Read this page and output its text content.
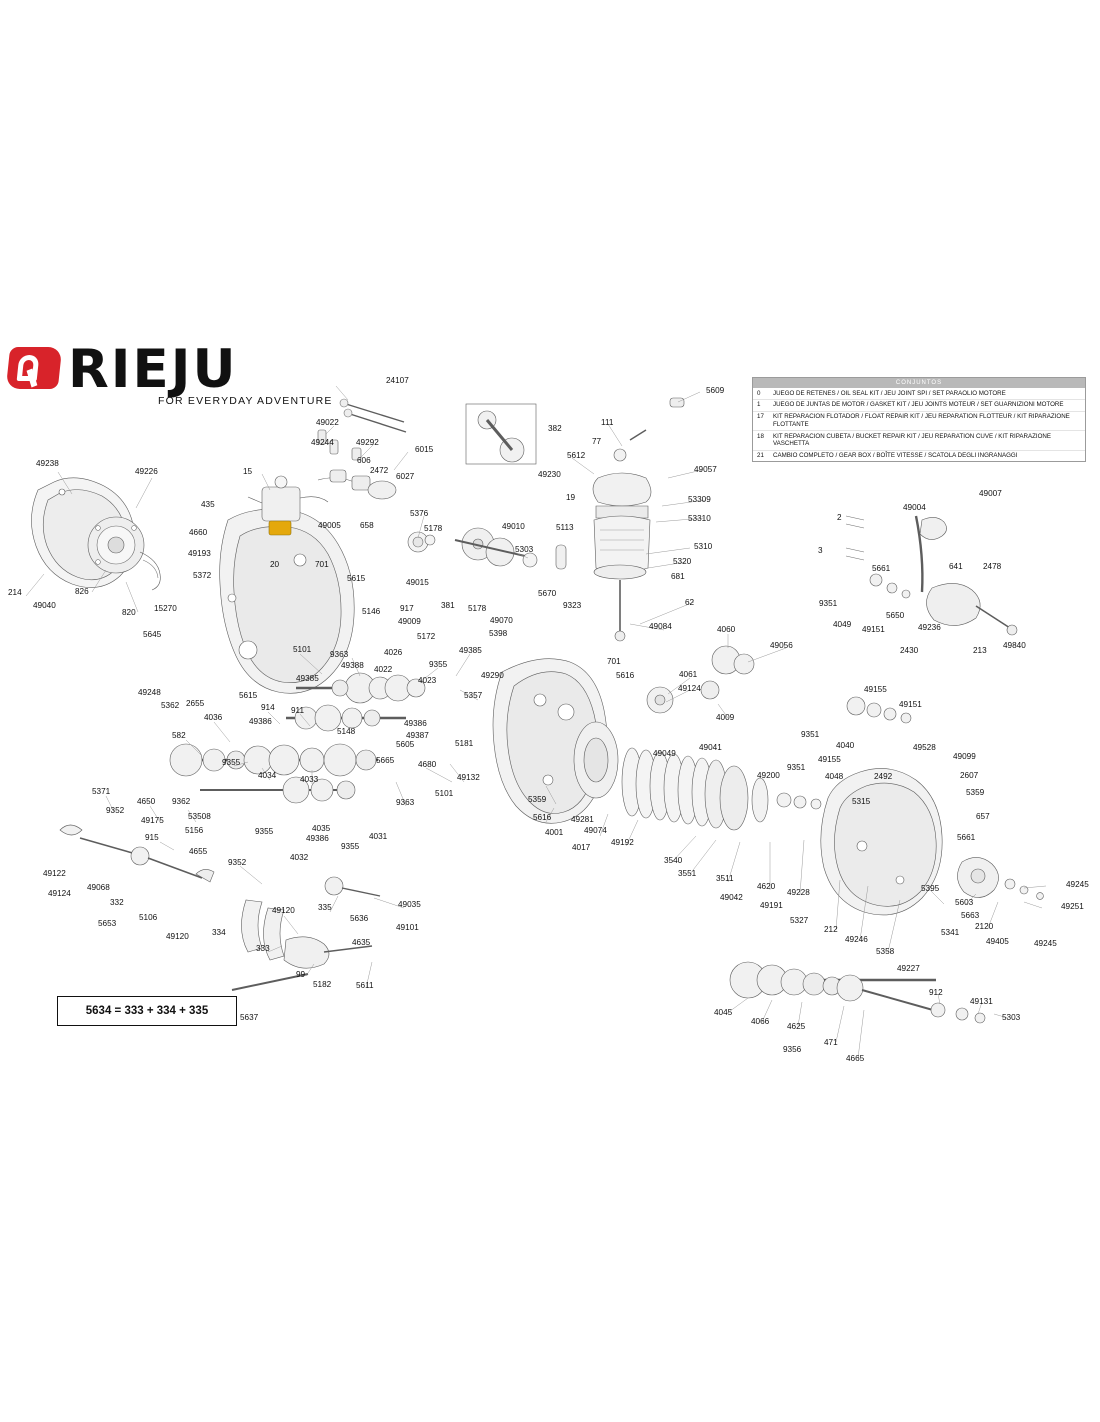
RIEJU
FOR EVERYDAY ADVENTURE
CONJUNTOS
0	JUEGO DE RETENES / OIL SEAL KIT / JEU JOINT SPI / SET PARAOLIO MOTORE
1	JUEGO DE JUNTAS DE MOTOR / GASKET KIT / JEU JOINTS MOTEUR / SET GUARNIZIONI MOTORE
17	KIT REPARACION FLOTADOR / FLOAT REPAIR KIT / JEU REPARATION FLOTTEUR / KIT RIPARAZIONE FLOTTANTE
18	KIT REPARACION CUBETA / BUCKET REPAIR KIT / JEU REPARATION CUVE / KIT RIPARAZIONE VASCHETTA
21	CAMBIO COMPLETO / GEAR BOX / BOÎTE VITESSE / SCATOLA DEGLI INGRANAGGI
5634 = 333 + 334 + 335
24107
5609
49022	111
382
49244	49292
6015
77
5612
49238
49226
606
2472
6027
15	49230
49057
49007
435
19	53309
49004
2
53310
4660
49005 658
5376
5178	49010	5113
5310	3
49193	5303
5320
5661	641 2478
20	701
5372	5615	681
49015
5670
5178
381
49070
9323	62	9351
214	826
49040
820 15270	5146 917
4049
49151
5650
49236
5645
49009
5172	5398
49084	4060
49056	49840
5101	4026	49385	2430	213
9363
49388	9355
4022
49290
701
5616	4061
49124	49155
49151
49248
2655
5362
5615
49385	4023
5357
914 911
4009
9351
4036	49386
5148
49386
49387
5181
5605
582
49049
49041	4040
49155
49528
49099
9355
4034	4033
4680
5665
49132
9351
49200	4048	2492	2607
5371
9362
4650
5101
5359	5315
5359
9352
9363
657
49175	53508
5156	4035
4031
5616 49281
4001	49074
49192
5661
915
9355
49386
9355	4017
4655
9352
4032	3540
49122
49068
3551
49124
332
335	49035
3511
4620
49228	5395
5603
49245
5653
5106
49120
5636
49101
49042
49191
5327
212
5663
2120
49251
49120	334
4635	49246
5358
5341
49405	49245
333
99
5182	5611
49227
912
49131
5303
4045
4066
4625
9356
471
4665
5637
